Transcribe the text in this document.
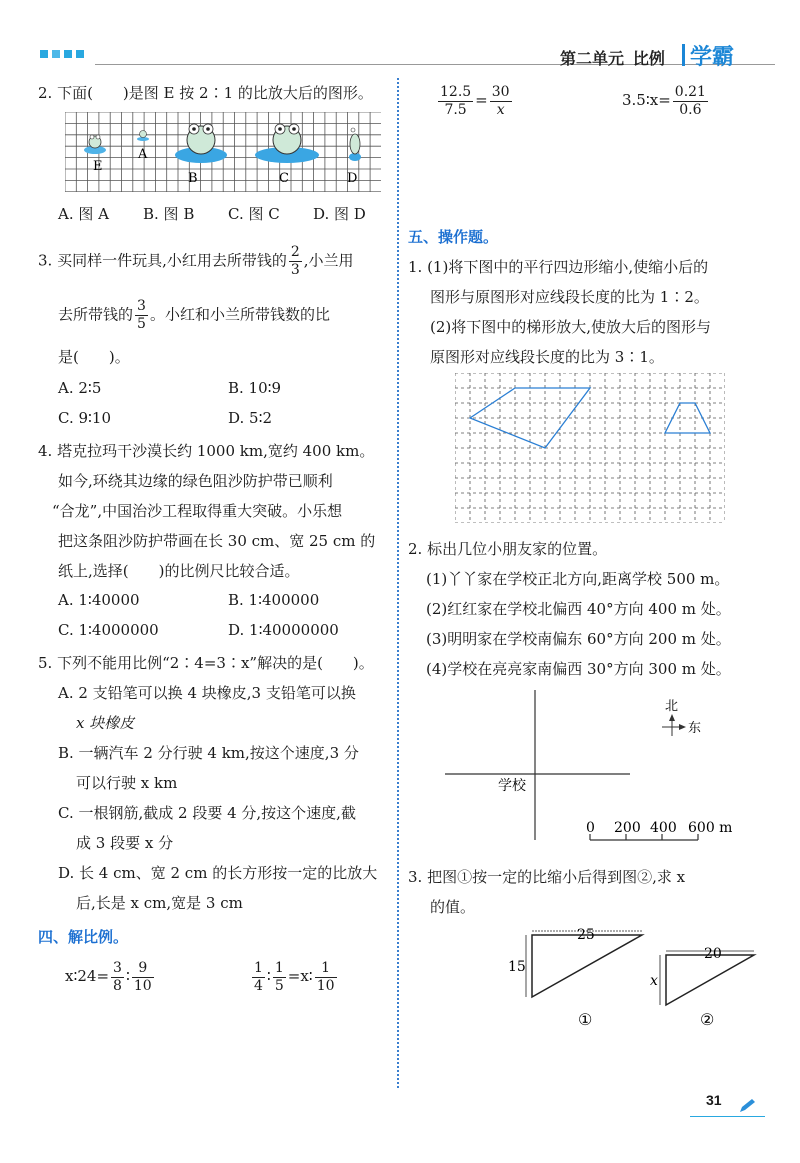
第二单元 比例 学霸
2. 下面(　　)是图 E 按 2∶1 的比放大后的图形。
E
A
B	C	D
A. 图 A B. 图 B C. 图 C D. 图 D
3. 买同样一件玩具,小红用去所带钱的 $\frac{2}{3}$ ,小兰用
去所带钱的 $\frac{3}{5}$ 。小红和小兰所带钱数的比
是(　　)。
A. 2∶5	B. 10∶9
C. 9∶10	D. 5∶2
4. 塔克拉玛干沙漠长约 1000 km,宽约 400 km。
如今,环绕其边缘的绿色阻沙防护带已顺利
“合龙”,中国治沙工程取得重大突破。小乐想
把这条阻沙防护带画在长 30 cm、宽 25 cm 的
纸上,选择(　　)的比例尺比较合适。
A. 1∶40000	B. 1∶400000
C. 1∶4000000	D. 1∶40000000
5. 下列不能用比例“2∶4=3∶x”解决的是(　　)。
A. 2 支铅笔可以换 4 块橡皮,3 支铅笔可以换
x 块橡皮
B. 一辆汽车 2 分行驶 4 km,按这个速度,3 分
可以行驶 x km
C. 一根钢筋,截成 2 段要 4 分,按这个速度,截
成 3 段要 x 分
D. 长 4 cm、宽 2 cm 的长方形按一定的比放大
后,长是 x cm,宽是 3 cm
四、解比例。
x∶24= $\frac{3}{8}$ ∶ $\frac{9}{10}$	$\frac{1}{4}$ ∶ $\frac{1}{5}$ =x∶ $\frac{1}{10}$
$\frac{12.5}{7.5} = \frac{30}{x}$	3.5∶x= $\frac{0.21}{0.6}$
五、操作题。
1. (1)将下图中的平行四边形缩小,使缩小后的
图形与原图形对应线段长度的比为 1∶2。
(2)将下图中的梯形放大,使放大后的图形与
原图形对应线段长度的比为 3∶1。
2. 标出几位小朋友家的位置。
(1)丫丫家在学校正北方向,距离学校 500 m。
(2)红红家在学校北偏西 40°方向 400 m 处。
(3)明明家在学校南偏东 60°方向 200 m 处。
(4)学校在亮亮家南偏西 30°方向 300 m 处。
学校
北
东
0 200 400 600 m
3. 把图①按一定的比缩小后得到图②,求 x
的值。
25
15
①
20
x
②
31
